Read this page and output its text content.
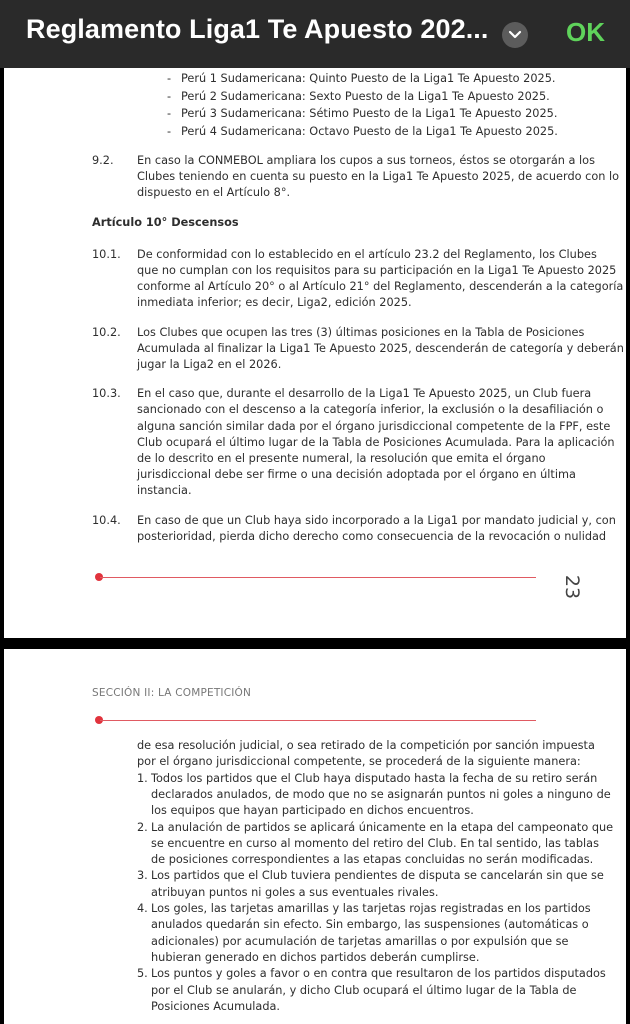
Reglamento Liga1 Te Apuesto 202...	OK
- Perú 1 Sudamericana: Quinto Puesto de la Liga1 Te Apuesto 2025.
- Perú 2 Sudamericana: Sexto Puesto de la Liga1 Te Apuesto 2025.
- Perú 3 Sudamericana: Sétimo Puesto de la Liga1 Te Apuesto 2025.
- Perú 4 Sudamericana: Octavo Puesto de la Liga1 Te Apuesto 2025.
9.2. En caso la CONMEBOL ampliara los cupos a sus torneos, éstos se otorgarán a los
Clubes teniendo en cuenta su puesto en la Liga1 Te Apuesto 2025, de acuerdo con lo
dispuesto en el Artículo 8°.
Artículo 10° Descensos
10.1. De conformidad con lo establecido en el artículo 23.2 del Reglamento, los Clubes
que no cumplan con los requisitos para su participación en la Liga1 Te Apuesto 2025
conforme al Artículo 20° o al Artículo 21° del Reglamento, descenderán a la categoría
inmediata inferior; es decir, Liga2, edición 2025.
10.2. Los Clubes que ocupen las tres (3) últimas posiciones en la Tabla de Posiciones
Acumulada al finalizar la Liga1 Te Apuesto 2025, descenderán de categoría y deberán
jugar la Liga2 en el 2026.
10.3. En el caso que, durante el desarrollo de la Liga1 Te Apuesto 2025, un Club fuera
sancionado con el descenso a la categoría inferior, la exclusión o la desafiliación o
alguna sanción similar dada por el órgano jurisdiccional competente de la FPF, este
Club ocupará el último lugar de la Tabla de Posiciones Acumulada. Para la aplicación
de lo descrito en el presente numeral, la resolución que emita el órgano
jurisdiccional debe ser firme o una decisión adoptada por el órgano en última
instancia.
10.4. En caso de que un Club haya sido incorporado a la Liga1 por mandato judicial y, con
posterioridad, pierda dicho derecho como consecuencia de la revocación o nulidad
23
SECCIÓN II: LA COMPETICIÓN
de esa resolución judicial, o sea retirado de la competición por sanción impuesta
por el órgano jurisdiccional competente, se procederá de la siguiente manera:
1. Todos los partidos que el Club haya disputado hasta la fecha de su retiro serán
declarados anulados, de modo que no se asignarán puntos ni goles a ninguno de
los equipos que hayan participado en dichos encuentros.
2. La anulación de partidos se aplicará únicamente en la etapa del campeonato que
se encuentre en curso al momento del retiro del Club. En tal sentido, las tablas
de posiciones correspondientes a las etapas concluidas no serán modificadas.
3. Los partidos que el Club tuviera pendientes de disputa se cancelarán sin que se
atribuyan puntos ni goles a sus eventuales rivales.
4. Los goles, las tarjetas amarillas y las tarjetas rojas registradas en los partidos
anulados quedarán sin efecto. Sin embargo, las suspensiones (automáticas o
adicionales) por acumulación de tarjetas amarillas o por expulsión que se
hubieran generado en dichos partidos deberán cumplirse.
5. Los puntos y goles a favor o en contra que resultaron de los partidos disputados
por el Club se anularán, y dicho Club ocupará el último lugar de la Tabla de
Posiciones Acumulada.
